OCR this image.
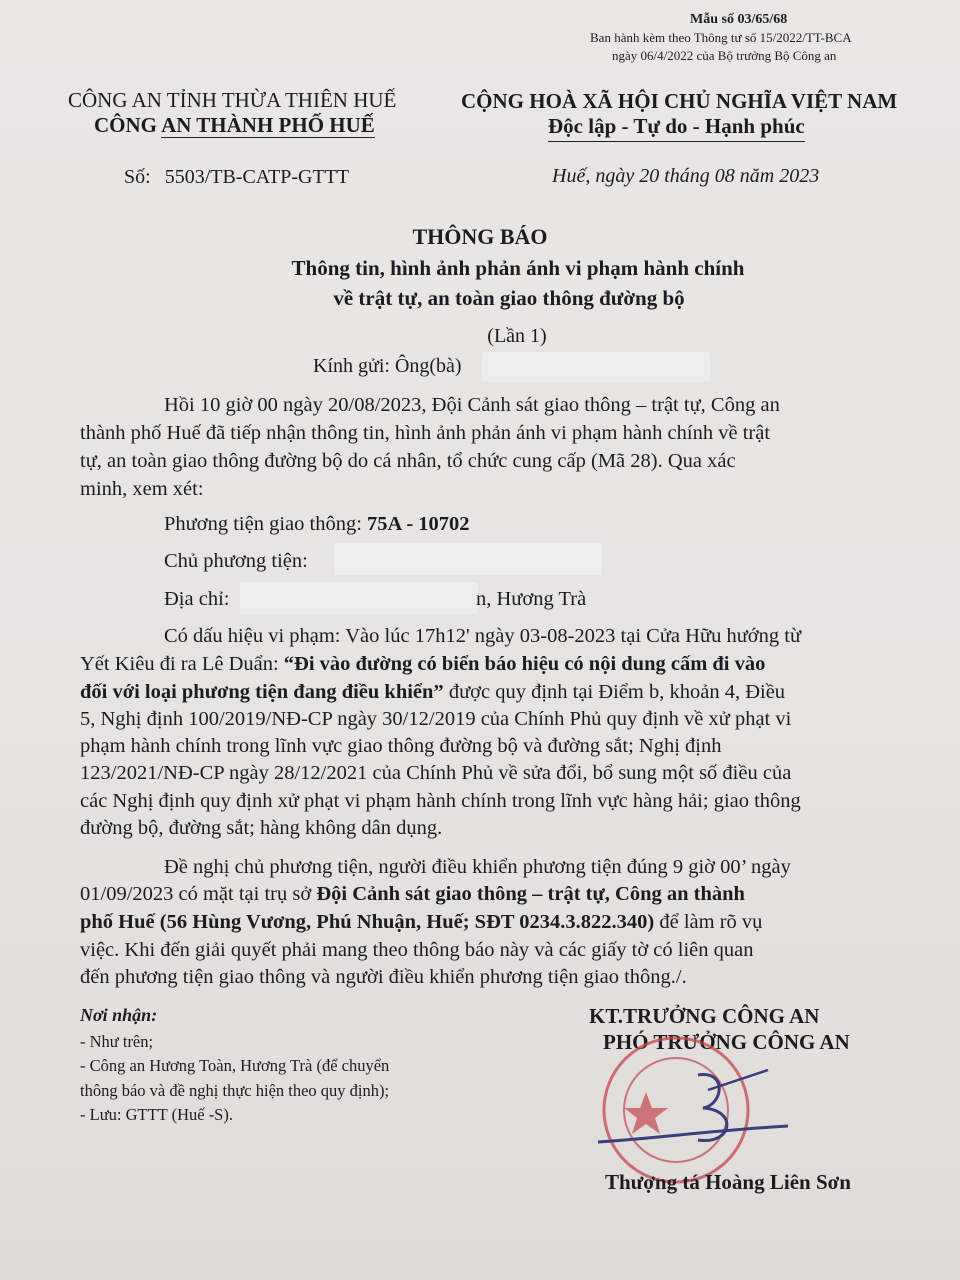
Mẫu số 03/65/68
Ban hành kèm theo Thông tư số 15/2022/TT-BCA
ngày 06/4/2022 của Bộ trưởng Bộ Công an
CÔNG AN TỈNH THỪA THIÊN HUẾ
CÔNG AN THÀNH PHỐ HUẾ
Số: 5503/TB-CATP-GTTT
CỘNG HOÀ XÃ HỘI CHỦ NGHĨA VIỆT NAM
Độc lập - Tự do - Hạnh phúc
Huế, ngày 20 tháng 08 năm 2023
THÔNG BÁO
Thông tin, hình ảnh phản ánh vi phạm hành chính
về trật tự, an toàn giao thông đường bộ
(Lần 1)
Kính gửi: Ông(bà)
Hồi 10 giờ 00 ngày 20/08/2023, Đội Cảnh sát giao thông – trật tự, Công an
thành phố Huế đã tiếp nhận thông tin, hình ảnh phản ánh vi phạm hành chính về trật
tự, an toàn giao thông đường bộ do cá nhân, tổ chức cung cấp (Mã 28). Qua xác
minh, xem xét:
Phương tiện giao thông: 75A - 10702
Chủ phương tiện:
Địa chỉ:	n, Hương Trà
Có dấu hiệu vi phạm: Vào lúc 17h12' ngày 03-08-2023 tại Cửa Hữu hướng từ
Yết Kiêu đi ra Lê Duẩn: “Đi vào đường có biển báo hiệu có nội dung cấm đi vào
đối với loại phương tiện đang điều khiển” được quy định tại Điểm b, khoản 4, Điều
5, Nghị định 100/2019/NĐ-CP ngày 30/12/2019 của Chính Phủ quy định về xử phạt vi
phạm hành chính trong lĩnh vực giao thông đường bộ và đường sắt; Nghị định
123/2021/NĐ-CP ngày 28/12/2021 của Chính Phủ về sửa đổi, bổ sung một số điều của
các Nghị định quy định xử phạt vi phạm hành chính trong lĩnh vực hàng hải; giao thông
đường bộ, đường sắt; hàng không dân dụng.
Đề nghị chủ phương tiện, người điều khiển phương tiện đúng 9 giờ 00’ ngày
01/09/2023 có mặt tại trụ sở Đội Cảnh sát giao thông – trật tự, Công an thành
phố Huế (56 Hùng Vương, Phú Nhuận, Huế; SĐT 0234.3.822.340) để làm rõ vụ
việc. Khi đến giải quyết phải mang theo thông báo này và các giấy tờ có liên quan
đến phương tiện giao thông và người điều khiển phương tiện giao thông./.
Nơi nhận:
- Như trên;
- Công an Hương Toàn, Hương Trà (để chuyển
thông báo và đề nghị thực hiện theo quy định);
- Lưu: GTTT (Huế -S).
KT.TRƯỞNG CÔNG AN
PHÓ TRƯỞNG CÔNG AN
Thượng tá Hoàng Liên Sơn
